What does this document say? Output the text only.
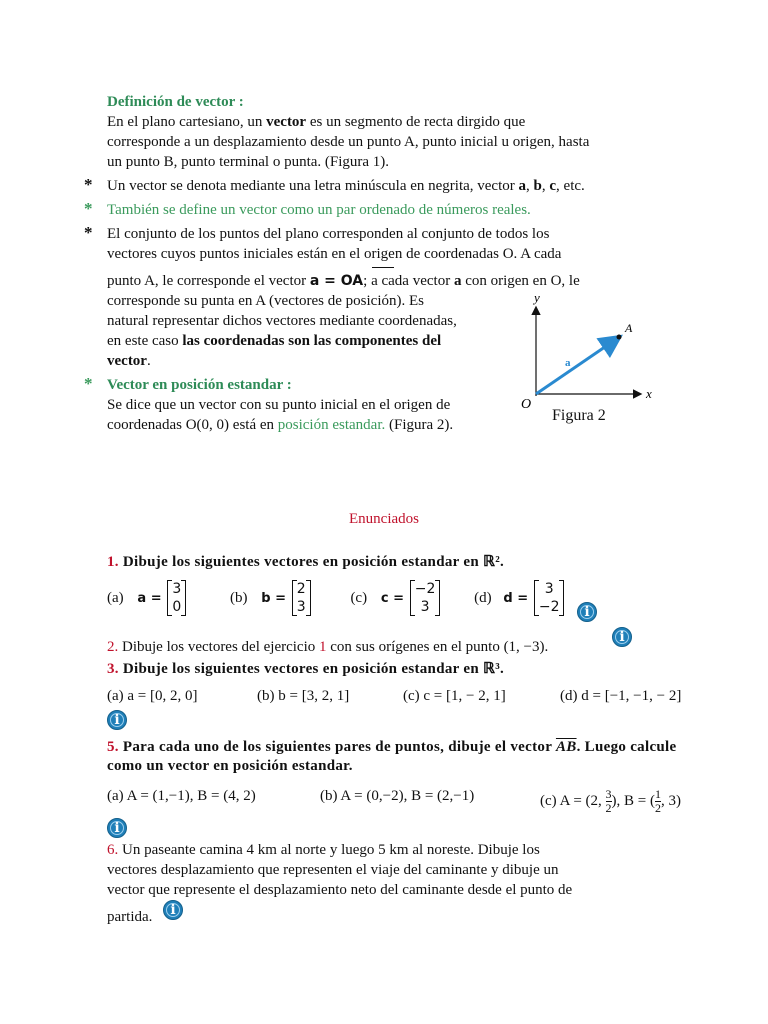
Definición de vector :
En el plano cartesiano, un vector es un segmento de recta dirgido que
corresponde a un desplazamiento desde un punto A, punto inicial u origen, hasta
un punto B, punto terminal o punta. (Figura 1).
* Un vector se denota mediante una letra minúscula en negrita, vector a, b, c, etc.
* También se define un vector como un par ordenado de números reales.
* El conjunto de los puntos del plano corresponden al conjunto de todos los
vectores cuyos puntos iniciales están en el origen de coordenadas O. A cada
punto A, le corresponde el vector a = OA; a cada vector a con origen en O, le
corresponde su punta en A (vectores de posición). Es
natural representar dichos vectores mediante coordenadas,
en este caso las coordenadas son las componentes del
vector.
* Vector en posición estandar :
Se dice que un vector con su punto inicial en el origen de
coordenadas O(0, 0) está en posición estandar. (Figura 2).
y
x
O
A
a
Figura 2
Enunciados
1. Dibuje los siguientes vectores en posición estandar en ℝ².
(a) a =
3
0
(b) b =
2
3
(c) c =
−2
3
(d) d =
3
−2	i
2. Dibuje los vectores del ejercicio 1 con sus orígenes en el punto (1, −3).
i
3. Dibuje los siguientes vectores en posición estandar en ℝ³.
(a) a = [0, 2, 0]	(b) b = [3, 2, 1]	(c) c = [1, − 2, 1]	(d) d = [−1, −1, − 2]
i
5. Para cada uno de los siguientes pares de puntos, dibuje el vector $\overline{AB}$. Luego calcule
como un vector en posición estandar.
(a) A = (1,−1), B = (4, 2)	(b) A = (0,−2), B = (2,−1)	(c) A = (2, $\frac{3}{2}$ ), B = ( $\frac{1}{2}$ , 3)
i
6. Un paseante camina 4 km al norte y luego 5 km al noreste. Dibuje los
vectores desplazamiento que representen el viaje del caminante y dibuje un
vector que represente el desplazamiento neto del caminante desde el punto de
partida.	i
